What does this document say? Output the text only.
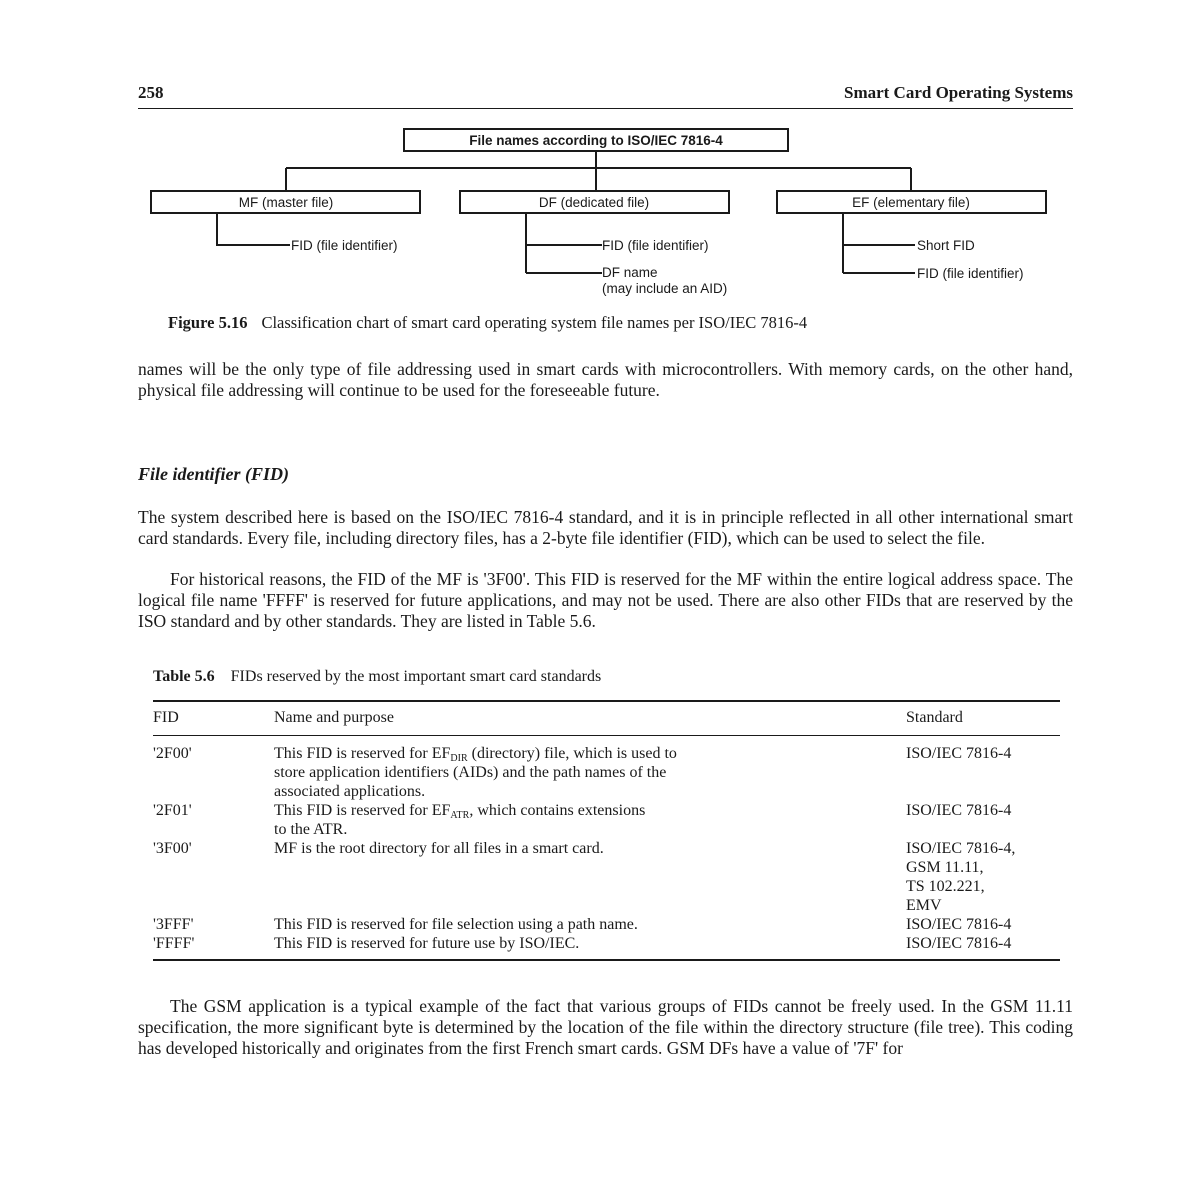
258	Smart Card Operating Systems
File names according to ISO/IEC 7816-4
MF (master file)	DF (dedicated file)	EF (elementary file)
FID (file identifier)	FID (file identifier)
DF name
(may include an AID)
Short FID
FID (file identifier)
Figure 5.16 Classification chart of smart card operating system file names per ISO/IEC 7816-4

names will be the only type of file addressing used in smart cards with microcontrollers. With memory cards, on the other hand, physical file addressing will continue to be used for the foreseeable future.

File identifier (FID)

The system described here is based on the ISO/IEC 7816-4 standard, and it is in principle reflected in all other international smart card standards. Every file, including directory files, has a 2-byte file identifier (FID), which can be used to select the file.

For historical reasons, the FID of the MF is '3F00'. This FID is reserved for the MF within the entire logical address space. The logical file name 'FFFF' is reserved for future applications, and may not be used. There are also other FIDs that are reserved by the ISO standard and by other standards. They are listed in Table 5.6.

Table 5.6 FIDs reserved by the most important smart card standards
FID	Name and purpose	Standard
'2F00'	This FID is reserved for $EF_{DIR}$ (directory) file, which is used to
store application identifiers (AIDs) and the path names of the
associated applications.	ISO/IEC 7816-4

'2F01'	This FID is reserved for $EF_{ATR}$, which contains extensions
to the ATR.	ISO/IEC 7816-4

'3F00'	MF is the root directory for all files in a smart card.	ISO/IEC 7816-4,
GSM 11.11,
TS 102.221,
EMV

'3FFF'	This FID is reserved for file selection using a path name.	ISO/IEC 7816-4

'FFFF'	This FID is reserved for future use by ISO/IEC.	ISO/IEC 7816-4

The GSM application is a typical example of the fact that various groups of FIDs cannot be freely used. In the GSM 11.11 specification, the more significant byte is determined by the location of the file within the directory structure (file tree). This coding has developed historically and originates from the first French smart cards. GSM DFs have a value of '7F' for
